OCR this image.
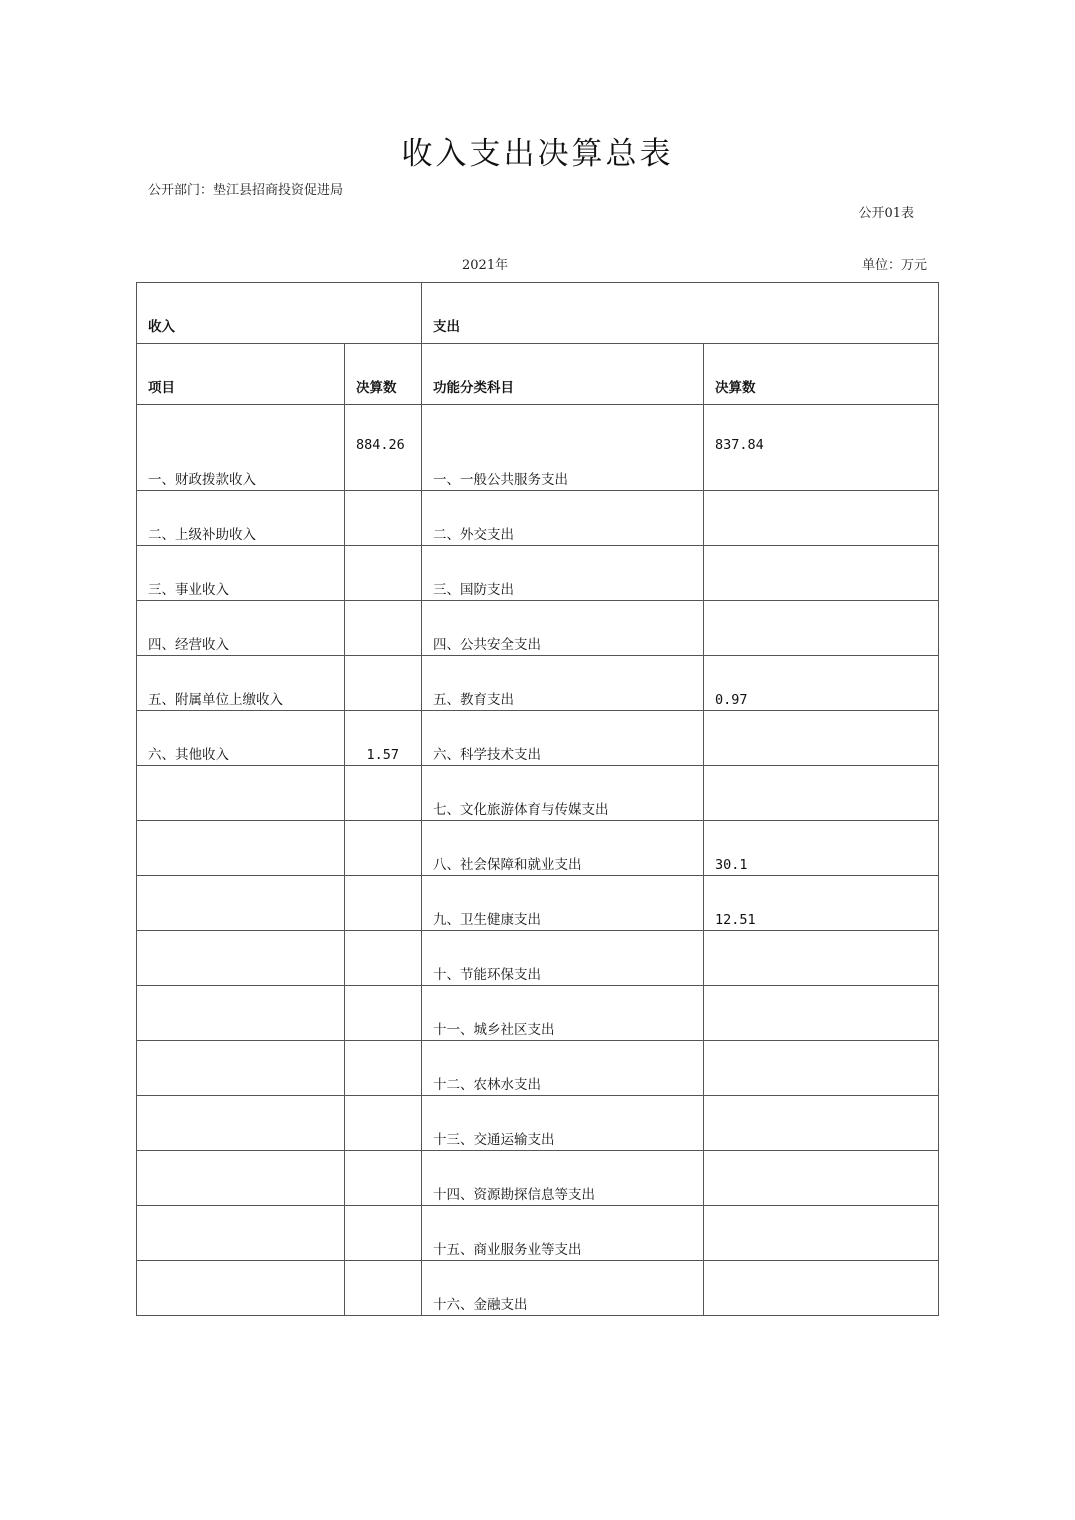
收入支出决算总表
公开部门：垫江县招商投资促进局
公开01表
2021年	单位：万元
收入		支出	

项目	决算数	功能分类科目	决算数

一、财政拨款收入	884.26	一、一般公共服务支出	837.84

二、上级补助收入		二、外交支出	

三、事业收入		三、国防支出	

四、经营收入		四、公共安全支出	

五、附属单位上缴收入		五、教育支出	0.97

六、其他收入	1.57	六、科学技术支出	

		七、文化旅游体育与传媒支出	

		八、社会保障和就业支出	30.1

		九、卫生健康支出	12.51

		十、节能环保支出	

		十一、城乡社区支出	

		十二、农林水支出	

		十三、交通运输支出	

		十四、资源勘探信息等支出	

		十五、商业服务业等支出	

		十六、金融支出	
